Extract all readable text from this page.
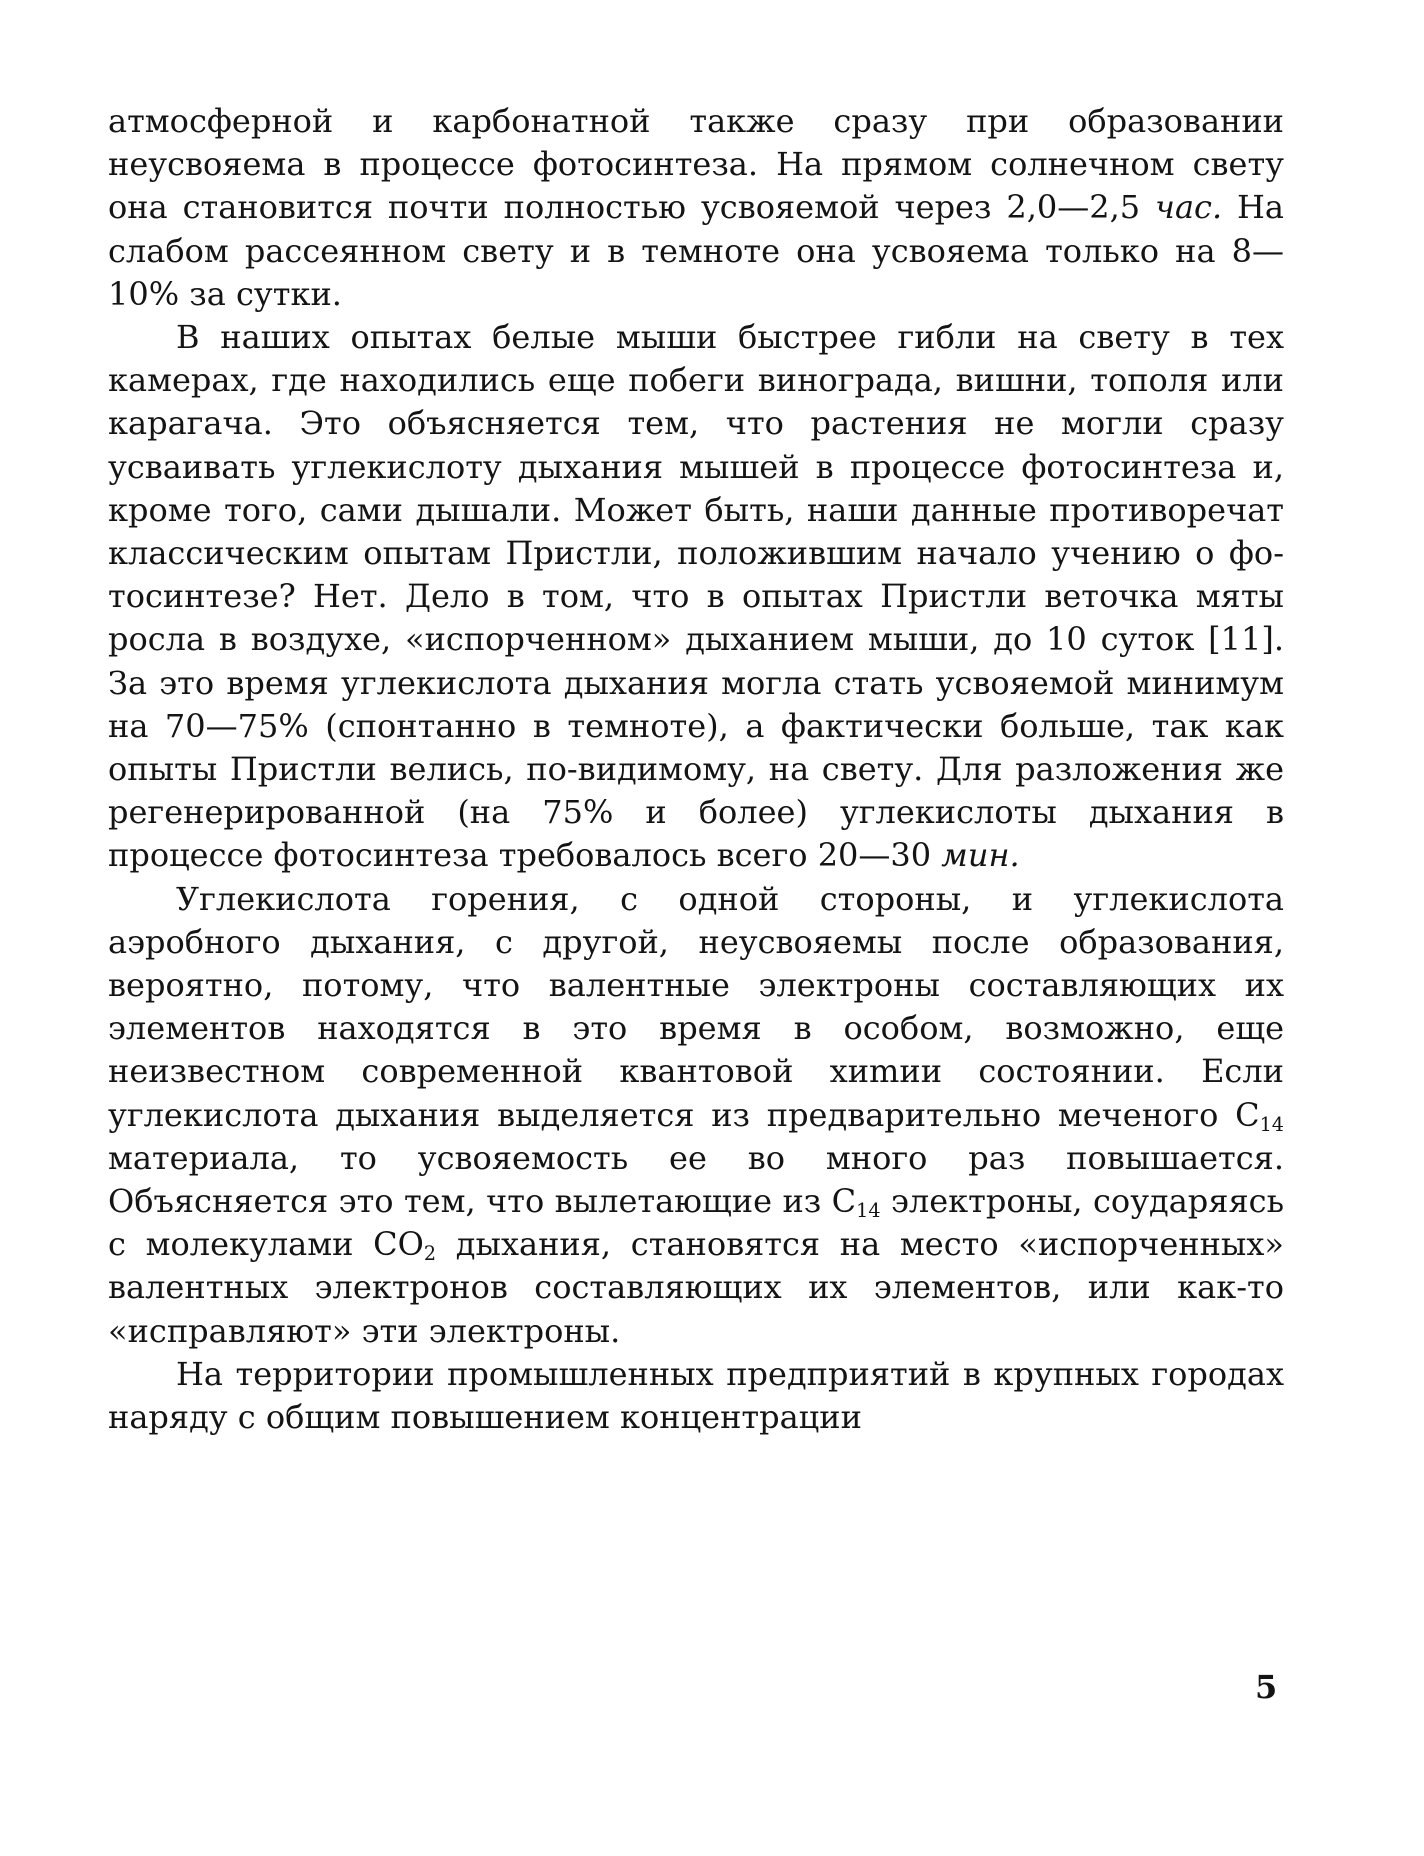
атмосферной и карбонатной также сразу при образовании неусвояема в процессе фотосинтеза. На прямом солнечном свету она становится почти полностью усвояемой через 2,0—2,5 час. На слабом рассеянном свету и в темноте она усвояема только на 8—10% за сутки.

В наших опытах белые мыши быстрее гибли на свету в тех камерах, где находились еще побеги винограда, вишни, тополя или карагача. Это объясняется тем, что растения не могли сразу усваивать углекислоту дыхания мышей в процессе фотосинтеза и, кроме того, сами дышали. Может быть, наши данные противоречат классическим опытам Пристли, положившим начало учению о фотосинтезе? Нет. Дело в том, что в опытах Пристли веточка мяты росла в воздухе, «испорченном» дыханием мыши, до 10 суток [11]. За это время углекислота дыхания могла стать усвояемой минимум на 70—75% (спонтанно в темноте), а фактически больше, так как опыты Пристли велись, по-видимому, на свету. Для разложения же регенерированной (на 75% и более) углекислоты дыхания в процессе фотосинтеза требовалось всего 20—30 мин.

Углекислота горения, с одной стороны, и углекислота аэробного дыхания, с другой, неусвояемы после образования, вероятно, потому, что валентные электроны составляющих их элементов находятся в это время в особом, возможно, еще неизвестном современной квантовой хиmии состоянии. Если углекислота дыхания выделяется из предварительно меченого $C_{14}$ материала, то усвояемость ее во много раз повышается. Объясняется это тем, что вылетающие из $C_{14}$ электроны, соударяясь с молекулами $CO_2$ дыхания, становятся на место «испорченных» валентных электронов составляющих их элементов, или как-то «исправляют» эти электроны.

На территории промышленных предприятий в крупных городах наряду с общим повышением концентрации

5
